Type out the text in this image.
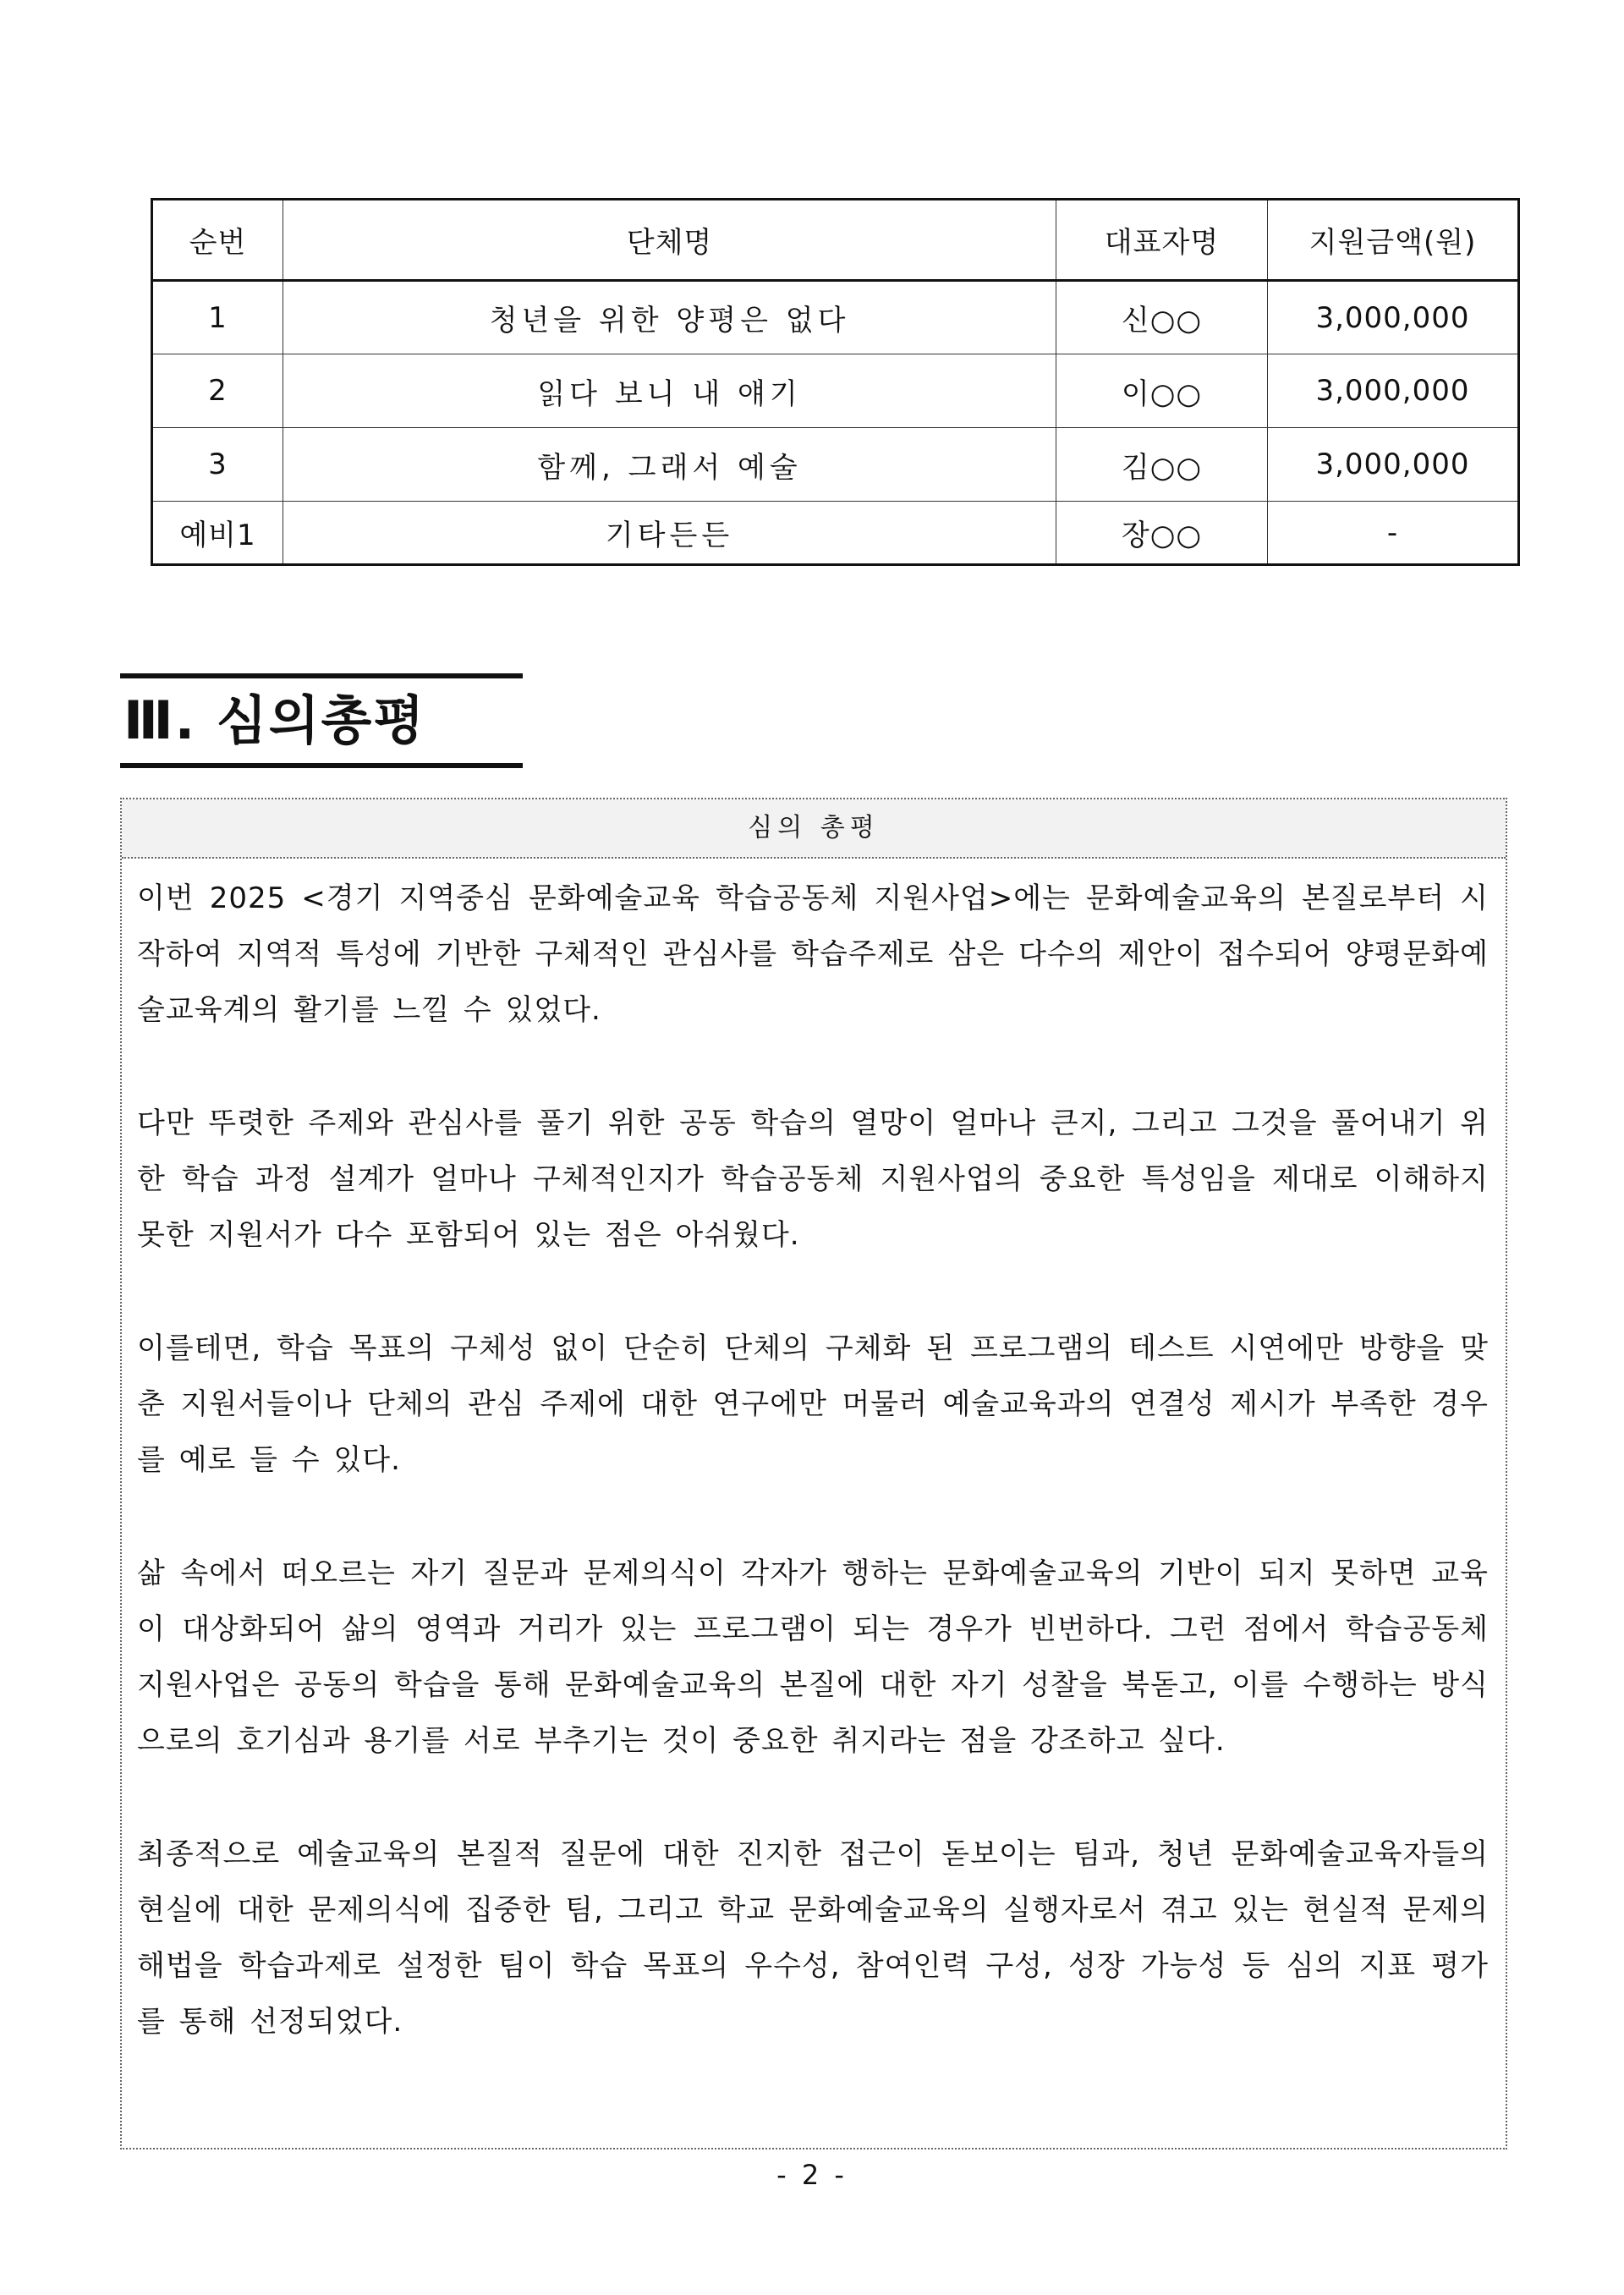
순번	단체명	대표자명	지원금액(원)
1	청년을 위한 양평은 없다	신○○	3,000,000
2	읽다 보니 내 얘기	이○○	3,000,000
3	함께, 그래서 예술	김○○	3,000,000
예비1	기타든든	장○○	-
Ⅲ. 심의총평
심의 총평

이번 2025 <경기 지역중심 문화예술교육 학습공동체 지원사업>에는 문화예술교육의 본질로부터 시작하여 지역적 특성에 기반한 구체적인 관심사를 학습주제로 삼은 다수의 제안이 접수되어 양평문화예술교육계의 활기를 느낄 수 있었다.

다만 뚜렷한 주제와 관심사를 풀기 위한 공동 학습의 열망이 얼마나 큰지, 그리고 그것을 풀어내기 위한 학습 과정 설계가 얼마나 구체적인지가 학습공동체 지원사업의 중요한 특성임을 제대로 이해하지 못한 지원서가 다수 포함되어 있는 점은 아쉬웠다.

이를테면, 학습 목표의 구체성 없이 단순히 단체의 구체화 된 프로그램의 테스트 시연에만 방향을 맞춘 지원서들이나 단체의 관심 주제에 대한 연구에만 머물러 예술교육과의 연결성 제시가 부족한 경우를 예로 들 수 있다.

삶 속에서 떠오르는 자기 질문과 문제의식이 각자가 행하는 문화예술교육의 기반이 되지 못하면 교육이 대상화되어 삶의 영역과 거리가 있는 프로그램이 되는 경우가 빈번하다. 그런 점에서 학습공동체 지원사업은 공동의 학습을 통해 문화예술교육의 본질에 대한 자기 성찰을 북돋고, 이를 수행하는 방식으로의 호기심과 용기를 서로 부추기는 것이 중요한 취지라는 점을 강조하고 싶다.

최종적으로 예술교육의 본질적 질문에 대한 진지한 접근이 돋보이는 팀과, 청년 문화예술교육자들의 현실에 대한 문제의식에 집중한 팀, 그리고 학교 문화예술교육의 실행자로서 겪고 있는 현실적 문제의 해법을 학습과제로 설정한 팀이 학습 목표의 우수성, 참여인력 구성, 성장 가능성 등 심의 지표 평가를 통해 선정되었다.

- 2 -
